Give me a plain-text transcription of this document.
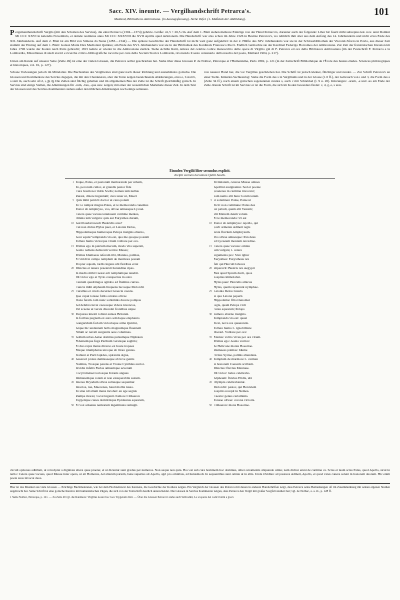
Sacc. XIV. ineunte. — Vergilhandschrift Petrarca's.
Mailand, Bibliotheca Ambrosiana. (in Auszugsfassung). Siehe Tafel. (1. Maßstab der Abbildung).
101
Pergamenthandschrift Vergils (mit den Scholien des Servius), die einst Petrarca (1304—1374) gehörte. Größe: 41,5 × 26,5 cm. Auf dem 1. Blatt stehen mehrere Einträge von der Hand Petrarca's, darunter auch der folgende: Liber hic fuerit mihi subreptus kal. nov. anni Domini Mi CCC XXVI in kalendis Novembris, et deinde restitutus anno Mi CCC XXXVIII die XVII Aprilis apud Avinionem. Die Handschrift war also schon im Jahre 1326 in Besitze Petrarca's, wo nämlich ihm aber aus dem Anfang des 14. Jahrhunderts und nicht etwa Ende des XII. Jahrhunderts. Auf dem 2. Blatt ist ein Bild von Simone da Siena (1283—1344) — Die spätere Geschichte der Handschrift ist nicht weit ganz aufgeklärt: in der 2. Hälfte des XIV. Jahrhunderts war sie in der Schlossbibliothek der Visconti-Sforza in Pavia, aus dieser Zeit stammt der Eintrag auf dem 1. Blatt: Galeaz Maria Dux Mediolani Quintus; am Ende des XVI. Jahrhunderts war sie in der Bibliothek des Kardinals Francesco Pucci. Endlich vermachte sie der Kardinal Federigo Borromeo der Ambrosiana. Zur Zeit der französischen Invasion im Jahre 1796 wurde der Kodex nach Paris gebracht; 1815 kehrte er wieder in die Ambrosiana zurück. Siehe Achille Ratti, Amore del celebre codice manoscritto delle opere di Virgilio già di F. Petrarca ed ora della Biblioteca Ambrosiana (im der Festschrift F. Petrarca e la Lombardia, Miscellanea di studi storici e ricerche critico-bibliografiche raccolte per cura della Società Storica Lombarda, ricorrendo il sesto centenario della nascita del poeta, Mailand 1904, p. 217).

Unten am Rande auf unserer Seite (Zeile 49) ist eine der vielen Glossen, die Petrarca selbst geschrieben hat. Siehe über diese Glossen P. de Nolhac, Pétrarque et l'Humanisme, Paris 1892, p. 121 (in der Zeitschrift Bibliothèque de l'École des hautes études. Sciences philologiques et historiques, vol. 91, p. 127).

Schone Vorlesungen jedoch im Mittelalter. Die Buchstaben des Vergiltextes sind ganz nach dieser Richtung und ausnahmslos gotische. Die Glossen und Kommentare des Servius dagegen, die mit den Charakteren, aber die Texte zeigen bezeichnende Abkürzungen, etwa e, b statt b, a statt m, auch sehr oft ĕ, ı, ꝑ, ꝗ. Die Zeilen sind flächig gehalten und im allgemeinen Bau der Zeile ist die Schrift gleichmäßig gotisch. In Servius sind einige Stellen, die Abkürzungen für -rum, -bus, -que usw. zeigen; mit einer der wesentlichen Merkmale dieser Zeit. In dem Text der Glossen und des Servius-Kommentars stehen außer den üblichen Abkürzungen noch einige seltenere.
von neuerer Hand her, die vor Vergilius geschrieben hat. Die Schrift ist jedoch kleiner, flüchtiger und runder. — Zur Schrift Petrarca's an einer Stelle. Künstler-Sachkatalog: Siehe die Form des s in Vergiliums und in der Glosse (l. 6 ff.), der Gebrauch von ı und ꝛ, die Form des a (Zeile 34 ff.), nach einem gotischen sogenannten rundes s, auch c mit Schnörkel (l. 9 u. 26). Kürzungen: -orum, -e und -us am Ende der Zeile. Runde Schrift ist im Servius: er ist die Form, die sich im Kodex besonders findet: c, d, g, e, s usw.
Einuden Vergilii liber secundus explicit.
Incipit carmen hecuntum Qultii Saulis.
1 Teque, Pales, et pastorum memoranda per urbem,
Te, pecorum cultor, et grandis pastor fide
Cura boum nec mitis Scelis; nomen iam nullus
Rurest, dixere ingenium; cura tener ut, Maeci
5 Quis mihi patricii doctor ut cana potum
Te i e rumpat magna Pales, et te memoranda canemus
Pastor ab Amphryso, vos, silvae amnesque Lycaei.
Cetera quae vacuas tenuissent carmine mentes,
Omnia iam vulgata: quis aut Eurysthea durum,
10 Aut illaudati nescit Busiridis aras?
Cui non dictus Hylas puer, et Latonia Delos,
Hippodameque humeroque Pelops insignis eburno,
Acer equis? temptanda via est, qua me quoque possim
Tollere humo victorque virum volitare per ora.
15 Primus ego in patriam mecum, modo vita supersit,
Aonio rediens deducam vertice Musas;
Primus Idumaeas referam tibi, Mantua, palmas,
Et viridi in campo templum de marmore ponam
Propter aquam, tardis ingens ubi flexibus errat
20 Mincius et tenera praetexit harundine ripas.
In medio mihi Caesar erit templumque tenebit.
Illi victor ego et Tyrio conspectus in ostro
Centum quadriiugos agitabo ad flumina currus.
Cuncta mihi Alpheum linquens lucosque Molorchi
25 Cursibus et crudo decernet Graecia caestu.
Ipse caput tonsae foliis ornatus olivae
Dona feram. iam nunc sollemnis ducere pompas
Ad delubra iuvat caesosque videre iuvencos,
Vel scaena ut versis discedat frontibus utque
30 Purpurea intexti tollant aulaea Britanni.
In foribus pugnam ex auro solidoque elephanto
Gangaridum faciam victorisque arma Quirini,
Atque hic undantem bello magnumque fluentem
Nilum ac navali surgentis aere columnas.
35 Addam urbes Asiae domitas pulsumque Niphaten
Fidentemque fuga Parthum versisque sagittis;
Et duo rapta manu diverso ex hoste tropaea
Bisque triumphatas utroque ab litore gentes.
Stabunt et Parii lapides, spirantia signa,
40 Assaraci proles demissaeque ab Iove gentis
Nomina, Trosque parens et Troiae Cynthius auctor.
Invidia infelix Furias amnemque severum
Cocyti metuet tortosque Ixionis angues
Immanemque rotam et non exsuperabile saxum.
45 Interea Dryadum silvas saltusque sequamur
Intactos, tua, Maecenas, haud mollia iussa.
Te sine nil altum mens incohat: en age segnis
Rumpe moras; vocat ingenti clamore Cithaeron
Taygetique canes domitrixque Epidaurus equorum,
50 Et vox adsensu nemorum ingeminata remugit.
divinitatem, ceterae Musae omnes
Apollini assignantur. Sed et poetae
praeterea in carmine invocant;
nam nemo alii hunc locum tenuit.
5 et solemnes: Palae, Palae ut
dicit: non commune: Pales dea
est pabuli, quam alii Vestam;
alii Matrem deum volunt.
Et te memoranda: Ut est
10 Pastor ab Amphryso: Apollo, qui
pavit armenta Admeti regis
iuxta fluvium Amphrysum.
Vos silvae amnesque: Pan deus
ad Lycaeum montem Arcadiae.
15 Cetera quae vacuas: omnia
iam vulgata; i. cetera
argumenta pro: Sive igitur
Eurysthea: Eurystheus rex
fuit qui Herculi labores
20 imperavit: Busiris rex Aegypti
Bux apud Sprum ducit, quos
hospites immolabat.
Hylas puer: Herculis amicus
Hylas, quem rapuerunt nymphae.
25 Latonia Delos: insula
in qua Latona peperit.
Hippodame: filia Oenomai
regis, quam Pelops vicit
cursu equorum; Pelops
30 humero eburno insignis.
Temptanda via est: quasi
dicat, nova res quaerenda.
Tollere humo: i. ignobilitate
liberari. Volitare per ora:
35 Ennius: volito vivus per ora virum.
Primus ego: Aonio vertice:
de Helicone monte Boeotiae.
Idumaeas palmas: Idume
civitas Syriae, palmis abundans.
40 Templum de marmore: i. carmen
in honorem Caesaris scribam.
Mincius: fluvius Mantuae.
Illi victor: ludos celebrabo.
Alpheum: fluvius Elidis, ubi
45 Olympia celebrabantur.
Molorchi: pastor, qui Herculem
hospitio recepit in Nemea.
Caestu: genus certaminis.
Tonsae olivae: corona victoris.
50 Cithaeron: mons Boeotiae.

circuli optiones adhibuit, ut si incipiat a dignitate altera quae praeter, et ut dicuntur sunt gradus per numeros. Non aequa non quia. Hoc est sub cura hominem hoc dominus, aliter ornamentis aliquando utitur, nam dicitur erunt de carmine ca. Scias et tuam scias Pales, quod Apollo, sicut in tertio: Cetera quae vacuas, quod Musae inter opera, ut ait Homerus, Ad alterum partem, bene superius ait Apollo, agri pro omnibus, ad huiusmodi. In sequentibus sunt omnia ut in aliis. Unde Ovidius: ad pastores Admeti, Apollo, et quod vates canere solent in honorem deorum. Hic enim poeta suos invocat deos.

Hier ist das Musikal aus viele Glossen — Prächtige Buchmalereien, wie bei dem Hochzeitstext des Karstens, die Geschichte der Kodizes zeigen. Ein Vergleich der Glossen des Petrarca mit denen in anderen Handschriften zeigt, dass Petrarca seine Bemerkungen oft im Zusammenhang mit seinen eigenen Studien angebracht hat. Seine Schrift ist eine gotische Kursive mit humanistischen Zügen, die sich von der Textschrift deutlich unterscheidet. Die Glossen in Servius Kommentar zeigen, dass Petrarca den Vergil mit großer Sorgfalt studiert hat; vgl. de Nolhac, a. a. O., p. 128 ff.

1 Siehe Nolhac, Pétrarque, p. 121. — Zu Zeile 49 vgl. die Randnote: Virgilius noster hoc loco Taygetum dixit. — Über die Glossen Petrarca's siehe auch Sabbadini, Le scoperte dei codici latini e greci.
